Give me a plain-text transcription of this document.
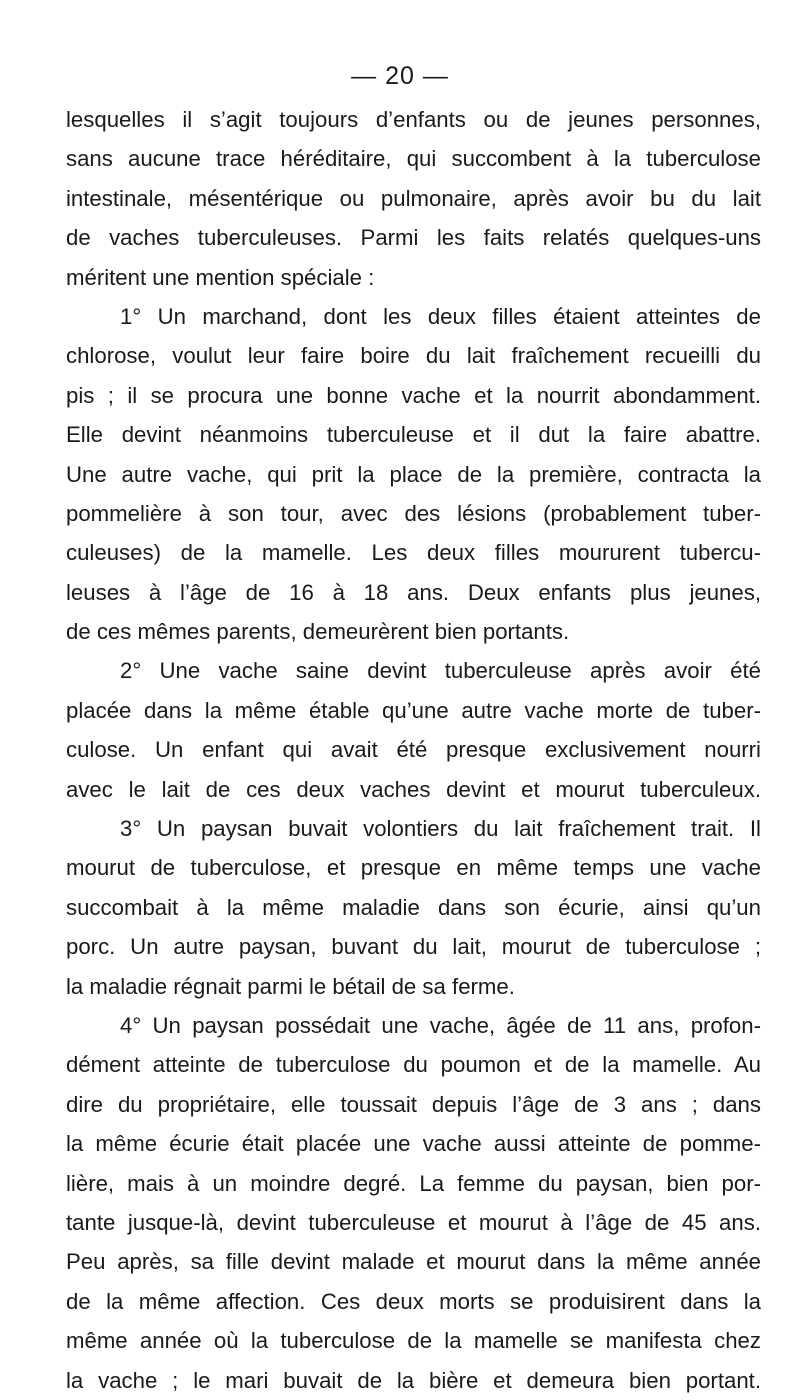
— 20 —
lesquelles il s’agit toujours d’enfants ou de jeunes personnes,
sans aucune trace héréditaire, qui succombent à la tuberculose
intestinale, mésentérique ou pulmonaire, après avoir bu du lait
de vaches tuberculeuses. Parmi les faits relatés quelques-uns
méritent une mention spéciale :
1° Un marchand, dont les deux filles étaient atteintes de
chlorose, voulut leur faire boire du lait fraîchement recueilli du
pis ; il se procura une bonne vache et la nourrit abondamment.
Elle devint néanmoins tuberculeuse et il dut la faire abattre.
Une autre vache, qui prit la place de la première, contracta la
pommelière à son tour, avec des lésions (probablement tuber-
culeuses) de la mamelle. Les deux filles moururent tubercu-
leuses à l’âge de 16 à 18 ans. Deux enfants plus jeunes,
de ces mêmes parents, demeurèrent bien portants.
2° Une vache saine devint tuberculeuse après avoir été
placée dans la même étable qu’une autre vache morte de tuber-
culose. Un enfant qui avait été presque exclusivement nourri
avec le lait de ces deux vaches devint et mourut tuberculeux.
3° Un paysan buvait volontiers du lait fraîchement trait. Il
mourut de tuberculose, et presque en même temps une vache
succombait à la même maladie dans son écurie, ainsi qu’un
porc. Un autre paysan, buvant du lait, mourut de tuberculose ;
la maladie régnait parmi le bétail de sa ferme.
4° Un paysan possédait une vache, âgée de 11 ans, profon-
dément atteinte de tuberculose du poumon et de la mamelle. Au
dire du propriétaire, elle toussait depuis l’âge de 3 ans ; dans
la même écurie était placée une vache aussi atteinte de pomme-
lière, mais à un moindre degré. La femme du paysan, bien por-
tante jusque-là, devint tuberculeuse et mourut à l’âge de 45 ans.
Peu après, sa fille devint malade et mourut dans la même année
de la même affection. Ces deux morts se produisirent dans la
même année où la tuberculose de la mamelle se manifesta chez
la vache ; le mari buvait de la bière et demeura bien portant.
